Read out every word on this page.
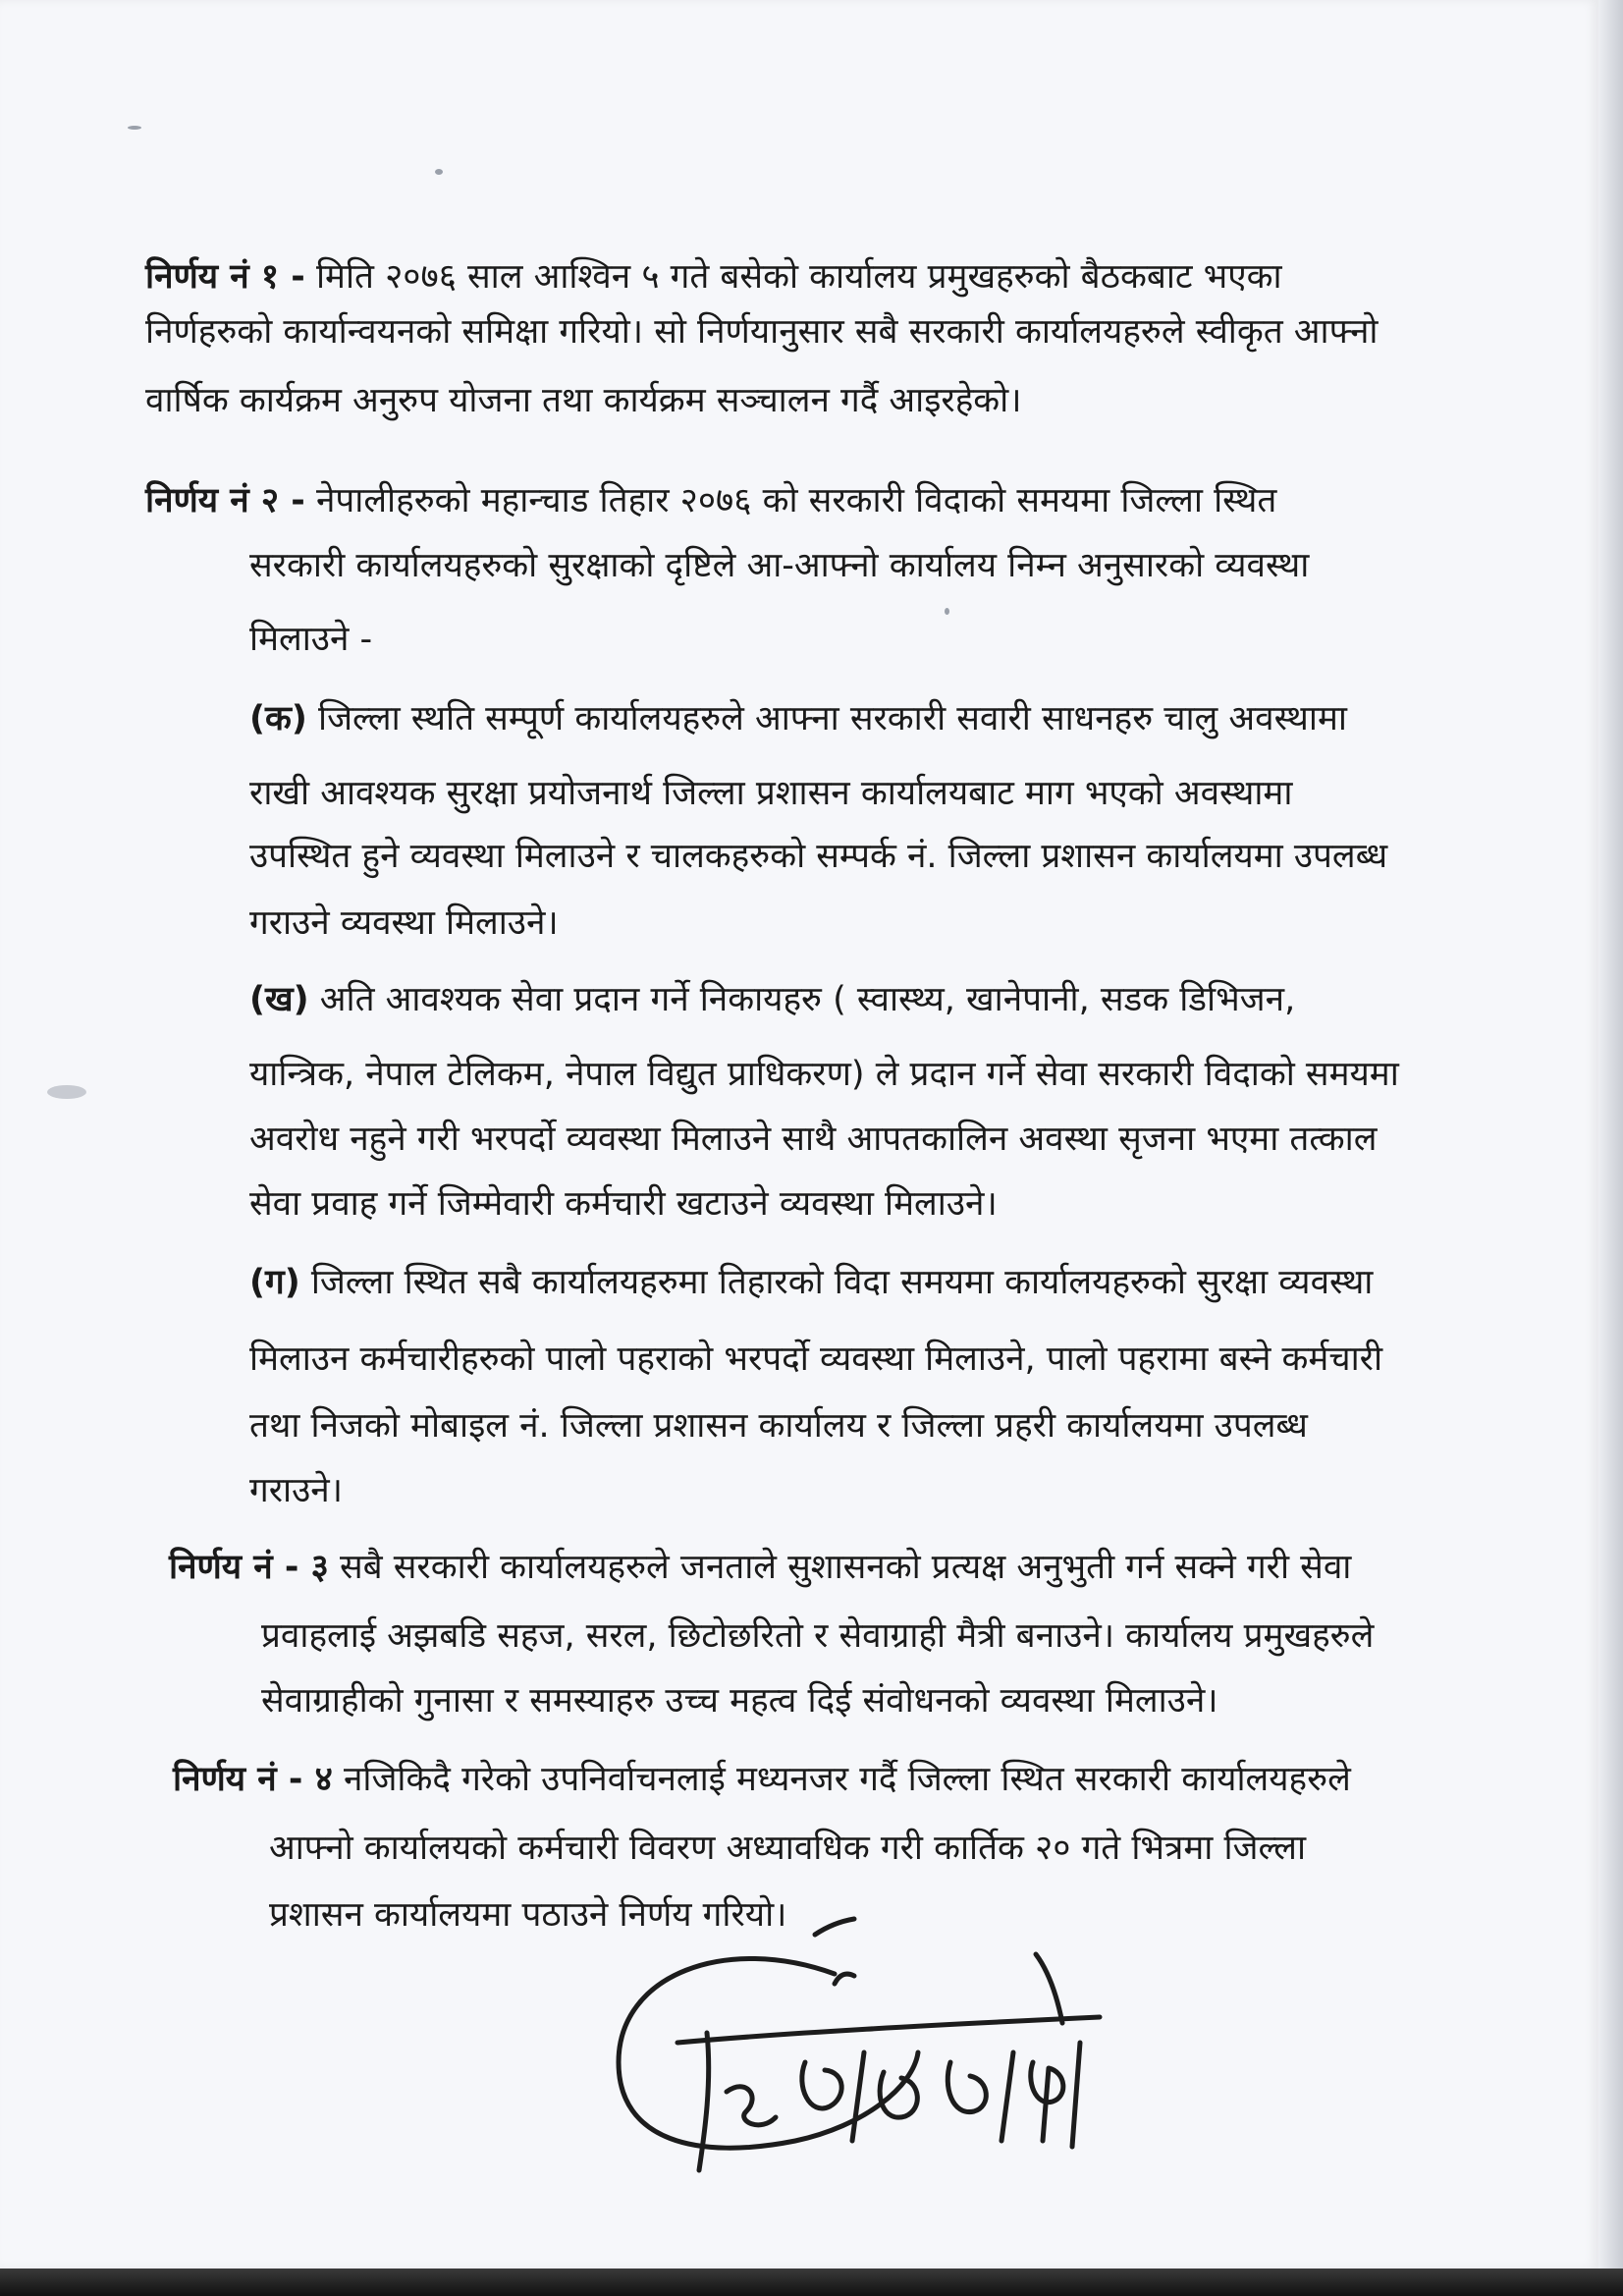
निर्णय नं १ - मिति २०७६ साल आश्विन ५ गते बसेको कार्यालय प्रमुखहरुको बैठकबाट भएका
निर्णहरुको कार्यान्वयनको समिक्षा गरियो। सो निर्णयानुसार सबै सरकारी कार्यालयहरुले स्वीकृत आफ्नो
वार्षिक कार्यक्रम अनुरुप योजना तथा कार्यक्रम सञ्चालन गर्दै आइरहेको।
निर्णय नं २ - नेपालीहरुको महान्चाड तिहार २०७६ को सरकारी विदाको समयमा जिल्ला स्थित
सरकारी कार्यालयहरुको सुरक्षाको दृष्टिले आ-आफ्नो कार्यालय निम्न अनुसारको व्यवस्था
मिलाउने -
(क) जिल्ला स्थति सम्पूर्ण कार्यालयहरुले आफ्ना सरकारी सवारी साधनहरु चालु अवस्थामा
राखी आवश्यक सुरक्षा प्रयोजनार्थ जिल्ला प्रशासन कार्यालयबाट माग भएको अवस्थामा
उपस्थित हुने व्यवस्था मिलाउने र चालकहरुको सम्पर्क नं. जिल्ला प्रशासन कार्यालयमा उपलब्ध
गराउने व्यवस्था मिलाउने।
(ख) अति आवश्यक सेवा प्रदान गर्ने निकायहरु ( स्वास्थ्य, खानेपानी, सडक डिभिजन,
यान्त्रिक, नेपाल टेलिकम, नेपाल विद्युत प्राधिकरण) ले प्रदान गर्ने सेवा सरकारी विदाको समयमा
अवरोध नहुने गरी भरपर्दो व्यवस्था मिलाउने साथै आपतकालिन अवस्था सृजना भएमा तत्काल
सेवा प्रवाह गर्ने जिम्मेवारी कर्मचारी खटाउने व्यवस्था मिलाउने।
(ग) जिल्ला स्थित सबै कार्यालयहरुमा तिहारको विदा समयमा कार्यालयहरुको सुरक्षा व्यवस्था
मिलाउन कर्मचारीहरुको पालो पहराको भरपर्दो व्यवस्था मिलाउने, पालो पहरामा बस्ने कर्मचारी
तथा निजको मोबाइल नं. जिल्ला प्रशासन कार्यालय र जिल्ला प्रहरी कार्यालयमा उपलब्ध
गराउने।
निर्णय नं - ३ सबै सरकारी कार्यालयहरुले जनताले सुशासनको प्रत्यक्ष अनुभुती गर्न सक्ने गरी सेवा
प्रवाहलाई अझबडि सहज, सरल, छिटोछरितो र सेवाग्राही मैत्री बनाउने। कार्यालय प्रमुखहरुले
सेवाग्राहीको गुनासा र समस्याहरु उच्च महत्व दिई संवोधनको व्यवस्था मिलाउने।
निर्णय नं - ४ नजिकिदै गरेको उपनिर्वाचनलाई मध्यनजर गर्दै जिल्ला स्थित सरकारी कार्यालयहरुले
आफ्नो कार्यालयको कर्मचारी विवरण अध्यावधिक गरी कार्तिक २० गते भित्रमा जिल्ला
प्रशासन कार्यालयमा पठाउने निर्णय गरियो।
